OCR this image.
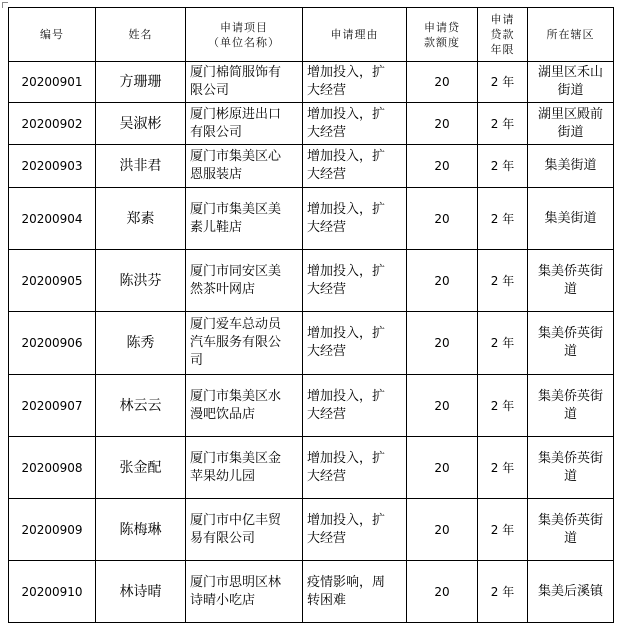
编号	姓名	申请项目
（单位名称）	申请理由	申请贷
款额度	申请
贷款
年限	所在辖区
20200901	方珊珊	厦门棉简服饰有
限公司	增加投入，扩
大经营	20	2 年	湖里区禾山
街道

20200902	吴淑彬	厦门彬原进出口
有限公司	增加投入，扩
大经营	20	2 年	湖里区殿前
街道

20200903	洪非君	厦门市集美区心
恩服装店	增加投入，扩
大经营	20	2 年	集美街道

20200904	郑素	厦门市集美区美
素儿鞋店	增加投入，扩
大经营	20	2 年	集美街道

20200905	陈洪芬	厦门市同安区美
然茶叶网店	增加投入，扩
大经营	20	2 年	集美侨英街
道

20200906	陈秀	厦门爱车总动员
汽车服务有限公
司	增加投入，扩
大经营	20	2 年	集美侨英街
道

20200907	林云云	厦门市集美区水
漫吧饮品店	增加投入，扩
大经营	20	2 年	集美侨英街
道

20200908	张金配	厦门市集美区金
苹果幼儿园	增加投入，扩
大经营	20	2 年	集美侨英街
道

20200909	陈梅琳	厦门市中亿丰贸
易有限公司	增加投入，扩
大经营	20	2 年	集美侨英街
道

20200910	林诗晴	厦门市思明区林
诗晴小吃店	疫情影响，周
转困难	20	2 年	集美后溪镇
